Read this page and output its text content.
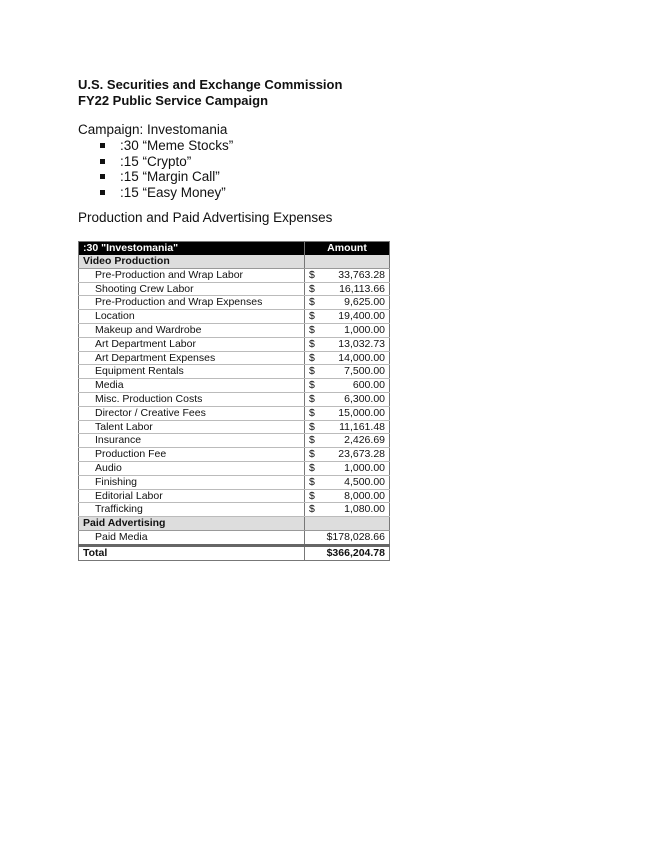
U.S. Securities and Exchange Commission
FY22 Public Service Campaign
Campaign: Investomania
:30 “Meme Stocks”
:15 “Crypto”
:15 “Margin Call”
:15 “Easy Money”
Production and Paid Advertising Expenses
:30 "Investomania"	Amount
Video Production	
Pre-Production and Wrap Labor	$ 33,763.28

Shooting Crew Labor	$ 16,113.66

Pre-Production and Wrap Expenses	$ 9,625.00

Location	$ 19,400.00

Makeup and Wardrobe	$ 1,000.00

Art Department Labor	$ 13,032.73

Art Department Expenses	$ 14,000.00

Equipment Rentals	$ 7,500.00

Media	$ 600.00

Misc. Production Costs	$ 6,300.00

Director / Creative Fees	$ 15,000.00

Talent Labor	$ 11,161.48

Insurance	$ 2,426.69

Production Fee	$ 23,673.28

Audio	$ 1,000.00

Finishing	$ 4,500.00

Editorial Labor	$ 8,000.00

Trafficking	$ 1,080.00

Paid Advertising	
Paid Media	$178,028.66
Total	$366,204.78
